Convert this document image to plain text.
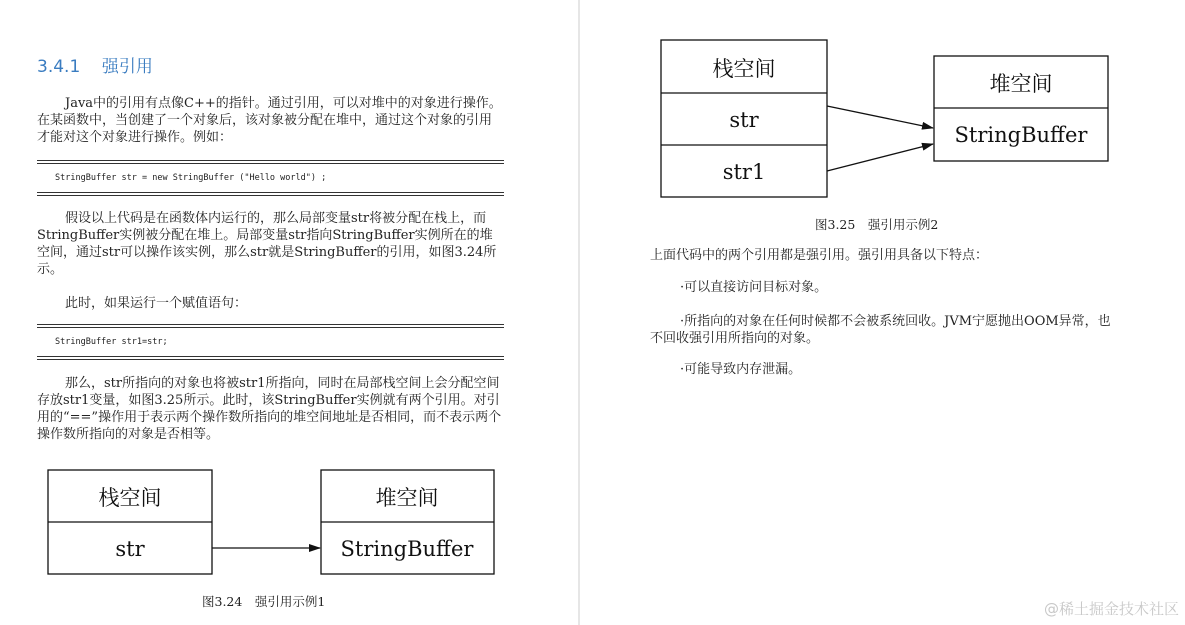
3.4.1 强引用
Java中的引用有点像C++的指针。通过引用，可以对堆中的对象进行操作。在某函数中，当创建了一个对象后，该对象被分配在堆中，通过这个对象的引用才能对这个对象进行操作。例如：
StringBuffer str = new StringBuffer ("Hello world") ;
假设以上代码是在函数体内运行的，那么局部变量str将被分配在栈上，而StringBuffer实例被分配在堆上。局部变量str指向StringBuffer实例所在的堆空间，通过str可以操作该实例，那么str就是StringBuffer的引用，如图3.24所示。
此时，如果运行一个赋值语句：
StringBuffer str1=str;
那么，str所指向的对象也将被str1所指向，同时在局部栈空间上会分配空间存放str1变量，如图3.25所示。此时，该StringBuffer实例就有两个引用。对引用的“==”操作用于表示两个操作数所指向的堆空间地址是否相同，而不表示两个操作数所指向的对象是否相等。
栈空间
str
堆空间
StringBuffer
图3.24　强引用示例1
栈空间
str
str1
堆空间
StringBuffer
图3.25　强引用示例2
上面代码中的两个引用都是强引用。强引用具备以下特点：
·可以直接访问目标对象。
·所指向的对象在任何时候都不会被系统回收。JVM宁愿抛出OOM异常，也不回收强引用所指向的对象。
·可能导致内存泄漏。
@稀土掘金技术社区
